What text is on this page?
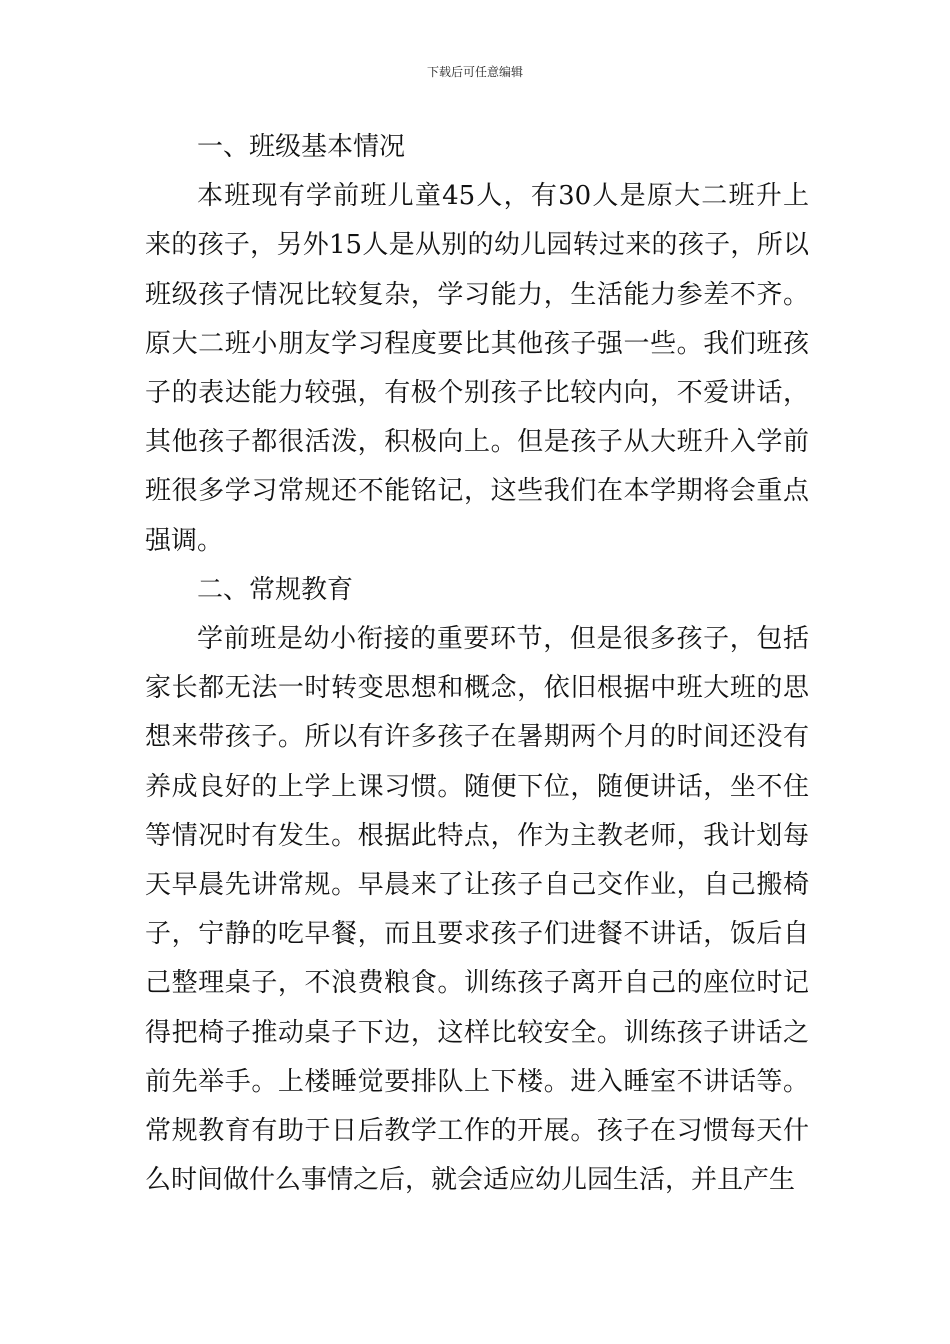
下载后可任意编辑

一、班级基本情况

本班现有学前班儿童45人，有30人是原大二班升上来的孩子，另外15人是从别的幼儿园转过来的孩子，所以班级孩子情况比较复杂，学习能力，生活能力参差不齐。原大二班小朋友学习程度要比其他孩子强一些。我们班孩子的表达能力较强，有极个别孩子比较内向，不爱讲话，其他孩子都很活泼，积极向上。但是孩子从大班升入学前班很多学习常规还不能铭记，这些我们在本学期将会重点强调。

二、常规教育

学前班是幼小衔接的重要环节，但是很多孩子，包括家长都无法一时转变思想和概念，依旧根据中班大班的思想来带孩子。所以有许多孩子在暑期两个月的时间还没有养成良好的上学上课习惯。随便下位，随便讲话，坐不住等情况时有发生。根据此特点，作为主教老师，我计划每天早晨先讲常规。早晨来了让孩子自己交作业，自己搬椅子，宁静的吃早餐，而且要求孩子们进餐不讲话，饭后自己整理桌子，不浪费粮食。训练孩子离开自己的座位时记得把椅子推动桌子下边，这样比较安全。训练孩子讲话之前先举手。上楼睡觉要排队上下楼。进入睡室不讲话等。常规教育有助于日后教学工作的开展。孩子在习惯每天什么时间做什么事情之后，就会适应幼儿园生活，并且产生
